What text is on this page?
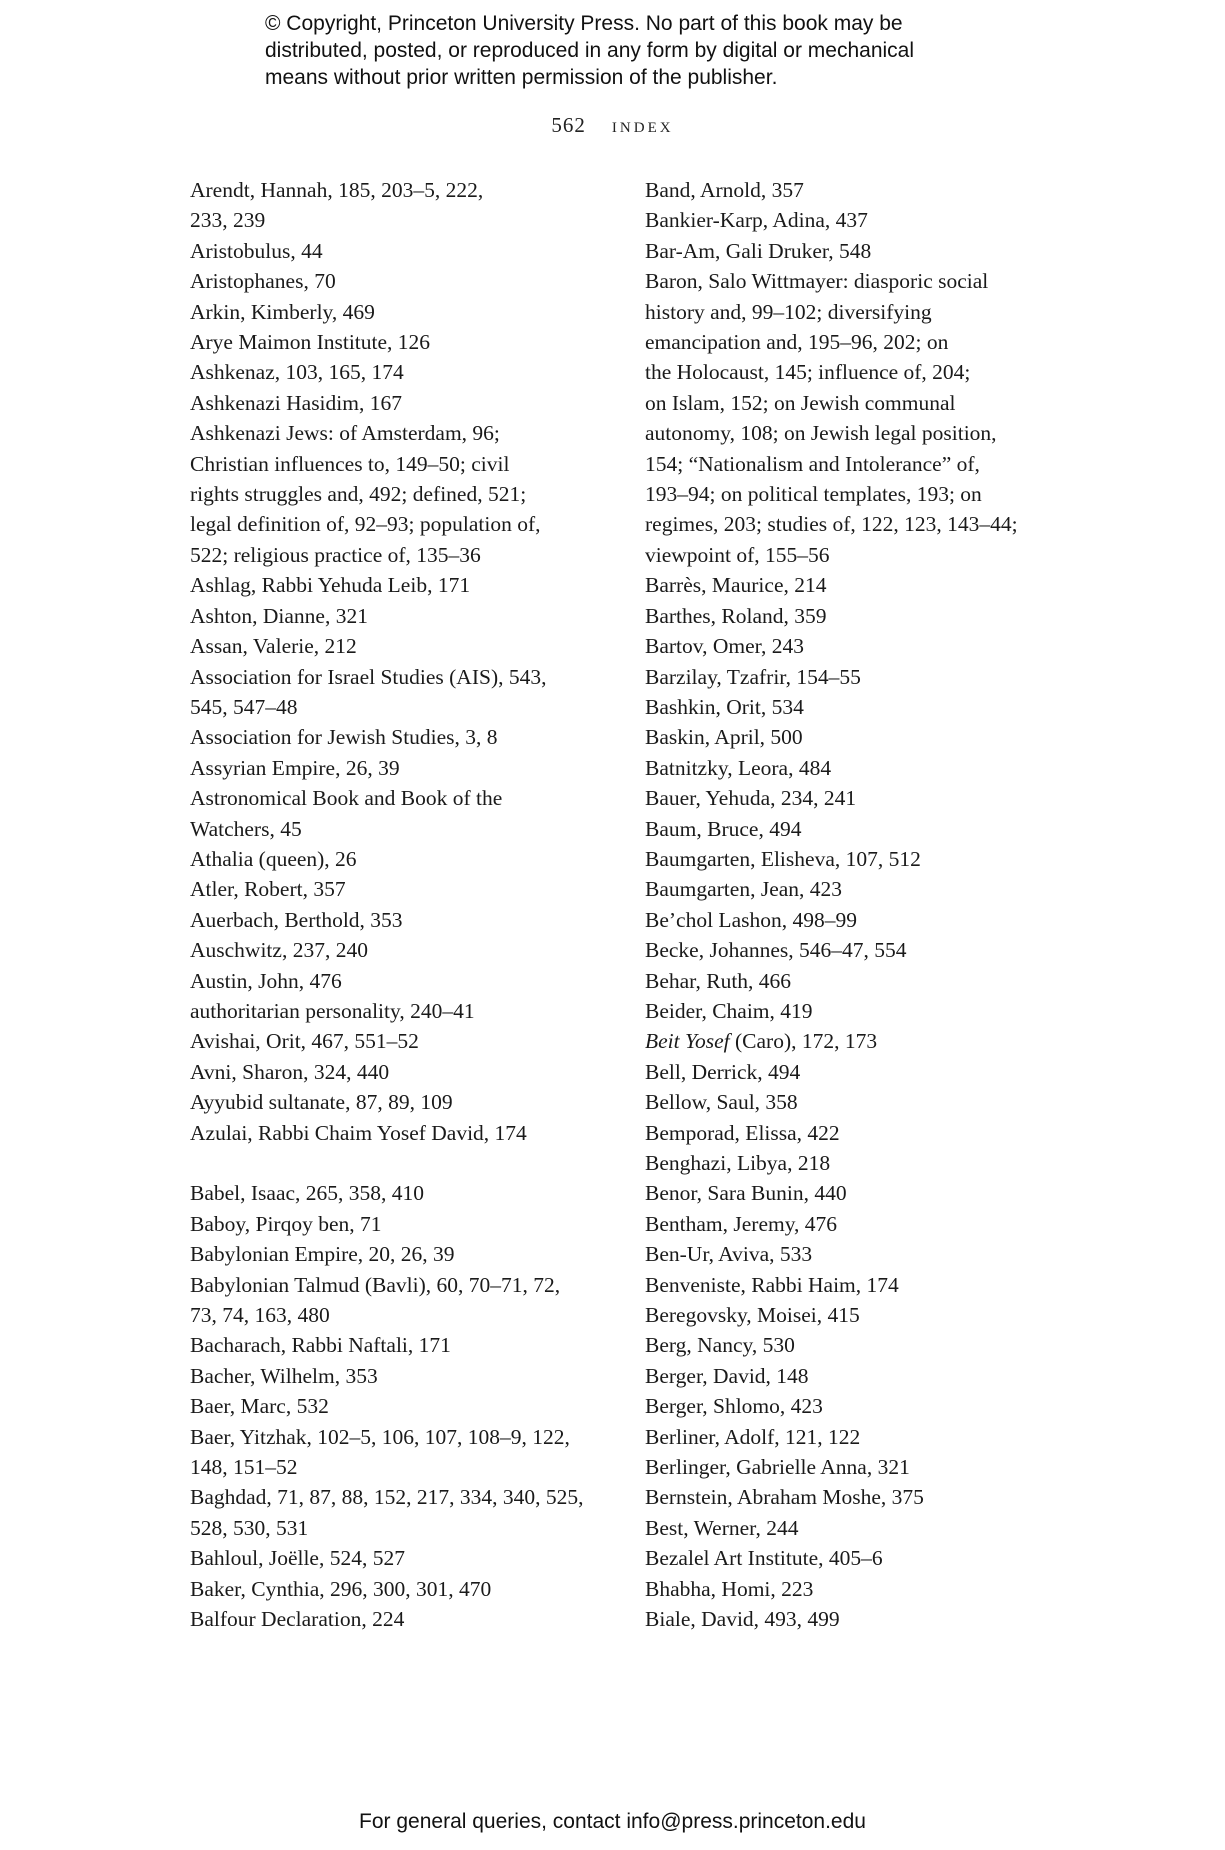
© Copyright, Princeton University Press. No part of this book may be
distributed, posted, or reproduced in any form by digital or mechanical
means without prior written permission of the publisher.
562 index
Arendt, Hannah, 185, 203–5, 222,
233, 239
Aristobulus, 44
Aristophanes, 70
Arkin, Kimberly, 469
Arye Maimon Institute, 126
Ashkenaz, 103, 165, 174
Ashkenazi Hasidim, 167
Ashkenazi Jews: of Amsterdam, 96;
Christian influences to, 149–50; civil
rights struggles and, 492; defined, 521;
legal definition of, 92–93; population of,
522; religious practice of, 135–36
Ashlag, Rabbi Yehuda Leib, 171
Ashton, Dianne, 321
Assan, Valerie, 212
Association for Israel Studies (AIS), 543,
545, 547–48
Association for Jewish Studies, 3, 8
Assyrian Empire, 26, 39
Astronomical Book and Book of the
Watchers, 45
Athalia (queen), 26
Atler, Robert, 357
Auerbach, Berthold, 353
Auschwitz, 237, 240
Austin, John, 476
authoritarian personality, 240–41
Avishai, Orit, 467, 551–52
Avni, Sharon, 324, 440
Ayyubid sultanate, 87, 89, 109
Azulai, Rabbi Chaim Yosef David, 174
Babel, Isaac, 265, 358, 410
Baboy, Pirqoy ben, 71
Babylonian Empire, 20, 26, 39
Babylonian Talmud (Bavli), 60, 70–71, 72,
73, 74, 163, 480
Bacharach, Rabbi Naftali, 171
Bacher, Wilhelm, 353
Baer, Marc, 532
Baer, Yitzhak, 102–5, 106, 107, 108–9, 122,
148, 151–52
Baghdad, 71, 87, 88, 152, 217, 334, 340, 525,
528, 530, 531
Bahloul, Joëlle, 524, 527
Baker, Cynthia, 296, 300, 301, 470
Balfour Declaration, 224
Band, Arnold, 357
Bankier-Karp, Adina, 437
Bar-Am, Gali Druker, 548
Baron, Salo Wittmayer: diasporic social
history and, 99–102; diversifying
emancipation and, 195–96, 202; on
the Holocaust, 145; influence of, 204;
on Islam, 152; on Jewish communal
autonomy, 108; on Jewish legal position,
154; “Nationalism and Intolerance” of,
193–94; on political templates, 193; on
regimes, 203; studies of, 122, 123, 143–44;
viewpoint of, 155–56
Barrès, Maurice, 214
Barthes, Roland, 359
Bartov, Omer, 243
Barzilay, Tzafrir, 154–55
Bashkin, Orit, 534
Baskin, April, 500
Batnitzky, Leora, 484
Bauer, Yehuda, 234, 241
Baum, Bruce, 494
Baumgarten, Elisheva, 107, 512
Baumgarten, Jean, 423
Be’chol Lashon, 498–99
Becke, Johannes, 546–47, 554
Behar, Ruth, 466
Beider, Chaim, 419
Beit Yosef (Caro), 172, 173
Bell, Derrick, 494
Bellow, Saul, 358
Bemporad, Elissa, 422
Benghazi, Libya, 218
Benor, Sara Bunin, 440
Bentham, Jeremy, 476
Ben-Ur, Aviva, 533
Benveniste, Rabbi Haim, 174
Beregovsky, Moisei, 415
Berg, Nancy, 530
Berger, David, 148
Berger, Shlomo, 423
Berliner, Adolf, 121, 122
Berlinger, Gabrielle Anna, 321
Bernstein, Abraham Moshe, 375
Best, Werner, 244
Bezalel Art Institute, 405–6
Bhabha, Homi, 223
Biale, David, 493, 499
For general queries, contact info@press.princeton.edu
